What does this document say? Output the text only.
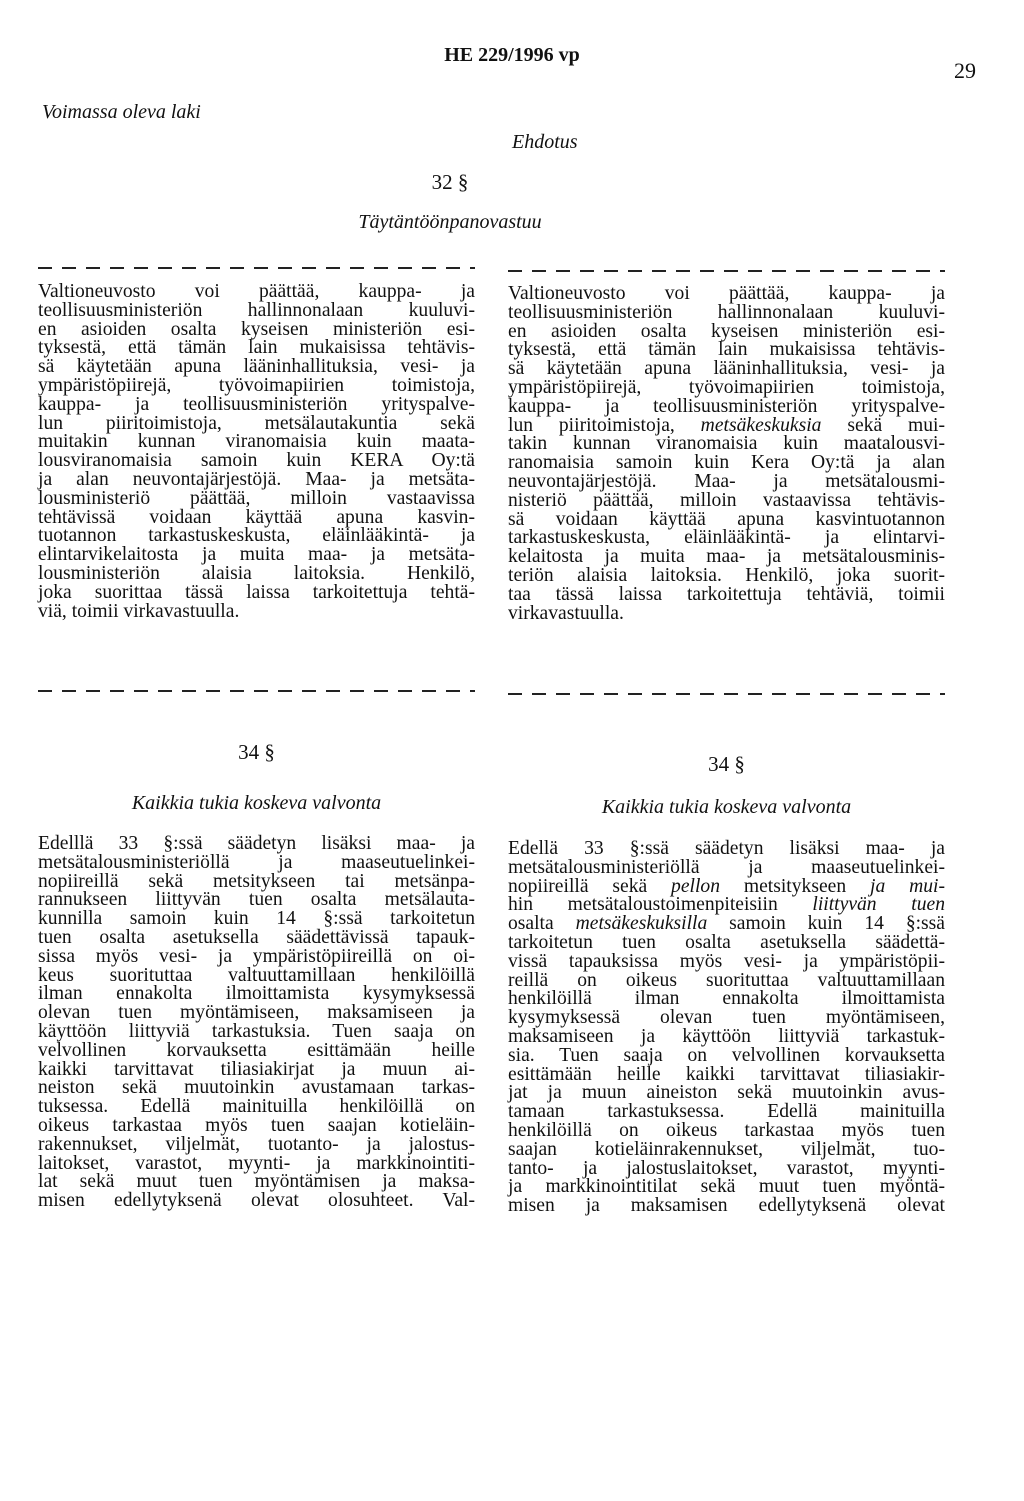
HE 229/1996 vp
29
Voimassa oleva laki
Ehdotus
32 §
Täytäntöönpanovastuu
Valtioneuvosto voi päättää, kauppa- ja
teollisuusministeriön hallinnonalaan kuuluvi-
en asioiden osalta kyseisen ministeriön esi-
tyksestä, että tämän lain mukaisissa tehtävis-
sä käytetään apuna lääninhallituksia, vesi- ja
ympäristöpiirejä, työvoimapiirien toimistoja,
kauppa- ja teollisuusministeriön yrityspalve-
lun piiritoimistoja, metsälautakuntia sekä
muitakin kunnan viranomaisia kuin maata-
lousviranomaisia samoin kuin KERA Oy:tä
ja alan neuvontajärjestöjä. Maa- ja metsäta-
lousministeriö päättää, milloin vastaavissa
tehtävissä voidaan käyttää apuna kasvin-
tuotannon tarkastuskeskusta, eläinlääkintä- ja
elintarvikelaitosta ja muita maa- ja metsäta-
lousministeriön alaisia laitoksia. Henkilö,
joka suorittaa tässä laissa tarkoitettuja tehtä-
viä, toimii virkavastuulla.
Valtioneuvosto voi päättää, kauppa- ja
teollisuusministeriön hallinnonalaan kuuluvi-
en asioiden osalta kyseisen ministeriön esi-
tyksestä, että tämän lain mukaisissa tehtävis-
sä käytetään apuna lääninhallituksia, vesi- ja
ympäristöpiirejä, työvoimapiirien toimistoja,
kauppa- ja teollisuusministeriön yrityspalve-
lun piiritoimistoja, metsäkeskuksia sekä mui-
takin kunnan viranomaisia kuin maatalousvi-
ranomaisia samoin kuin Kera Oy:tä ja alan
neuvontajärjestöjä. Maa- ja metsätalousmi-
nisteriö päättää, milloin vastaavissa tehtävis-
sä voidaan käyttää apuna kasvintuotannon
tarkastuskeskusta, eläinlääkintä- ja elintarvi-
kelaitosta ja muita maa- ja metsätalousminis-
teriön alaisia laitoksia. Henkilö, joka suorit-
taa tässä laissa tarkoitettuja tehtäviä, toimii
virkavastuulla.
34 §
Kaikkia tukia koskeva valvonta
Edelllä 33 §:ssä säädetyn lisäksi maa- ja
metsätalousministeriöllä ja maaseutuelinkei-
nopiireillä sekä metsitykseen tai metsänpa-
rannukseen liittyvän tuen osalta metsälauta-
kunnilla samoin kuin 14 §:ssä tarkoitetun
tuen osalta asetuksella säädettävissä tapauk-
sissa myös vesi- ja ympäristöpiireillä on oi-
keus suorituttaa valtuuttamillaan henkilöillä
ilman ennakolta ilmoittamista kysymyksessä
olevan tuen myöntämiseen, maksamiseen ja
käyttöön liittyviä tarkastuksia. Tuen saaja on
velvollinen korvauksetta esittämään heille
kaikki tarvittavat tiliasiakirjat ja muun ai-
neiston sekä muutoinkin avustamaan tarkas-
tuksessa. Edellä mainituilla henkilöillä on
oikeus tarkastaa myös tuen saajan kotieläin-
rakennukset, viljelmät, tuotanto- ja jalostus-
laitokset, varastot, myynti- ja markkinointiti-
lat sekä muut tuen myöntämisen ja maksa-
misen edellytyksenä olevat olosuhteet. Val-
34 §
Kaikkia tukia koskeva valvonta
Edellä 33 §:ssä säädetyn lisäksi maa- ja
metsätalousministeriöllä ja maaseutuelinkei-
nopiireillä sekä pellon metsitykseen ja mui-
hin metsätaloustoimenpiteisiin liittyvän tuen
osalta metsäkeskuksilla samoin kuin 14 §:ssä
tarkoitetun tuen osalta asetuksella säädettä-
vissä tapauksissa myös vesi- ja ympäristöpii-
reillä on oikeus suorituttaa valtuuttamillaan
henkilöillä ilman ennakolta ilmoittamista
kysymyksessä olevan tuen myöntämiseen,
maksamiseen ja käyttöön liittyviä tarkastuk-
sia. Tuen saaja on velvollinen korvauksetta
esittämään heille kaikki tarvittavat tiliasiakir-
jat ja muun aineiston sekä muutoinkin avus-
tamaan tarkastuksessa. Edellä mainituilla
henkilöillä on oikeus tarkastaa myös tuen
saajan kotieläinrakennukset, viljelmät, tuo-
tanto- ja jalostuslaitokset, varastot, myynti-
ja markkinointitilat sekä muut tuen myöntä-
misen ja maksamisen edellytyksenä olevat
